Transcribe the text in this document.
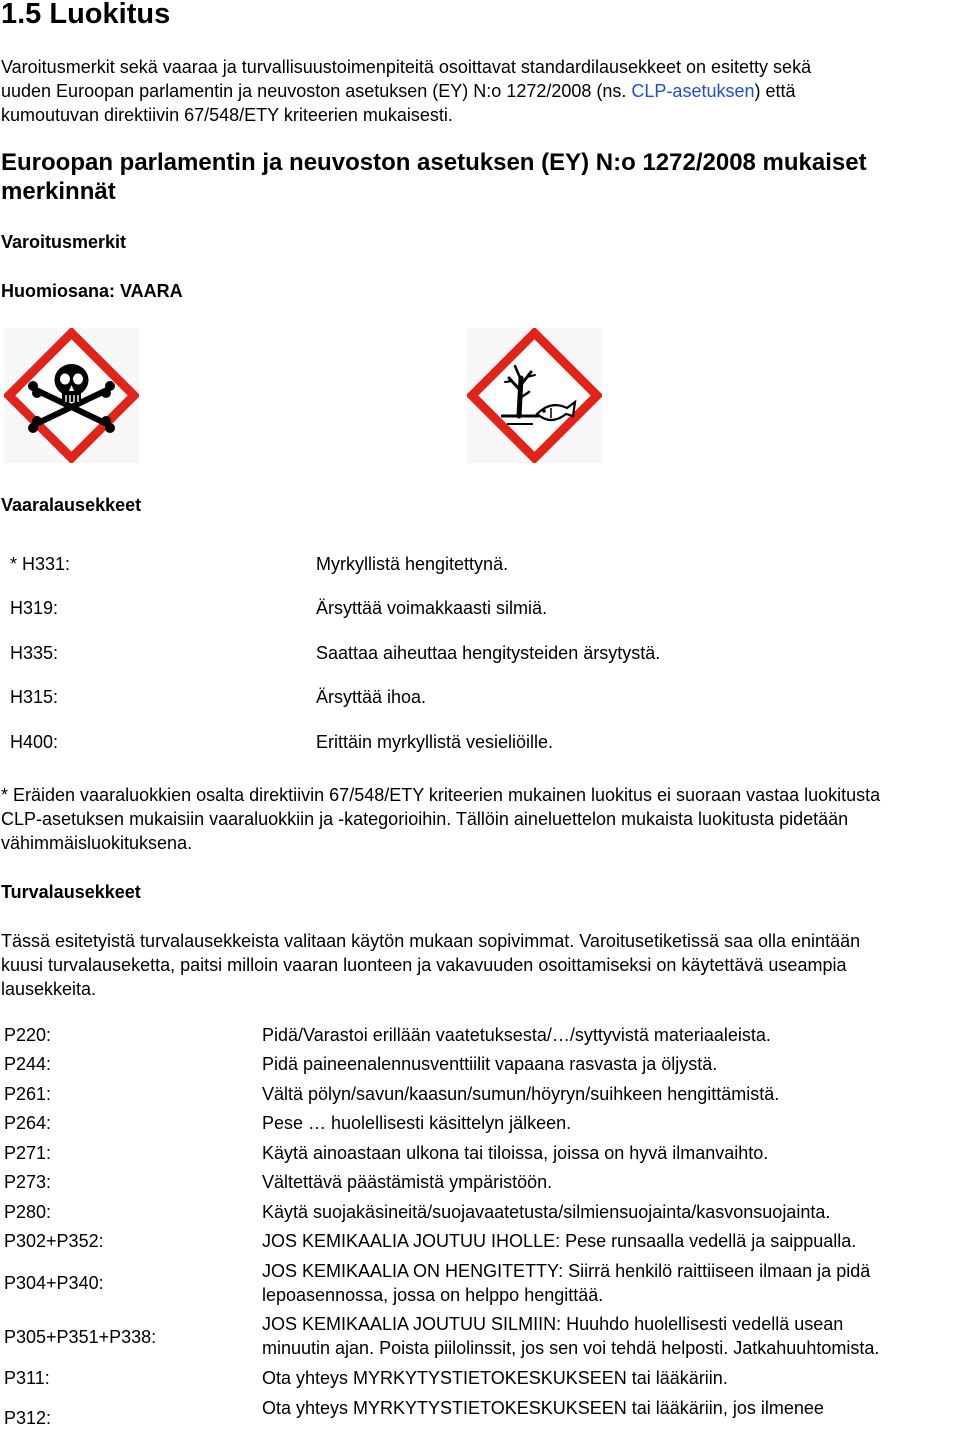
1.5 Luokitus
Varoitusmerkit sekä vaaraa ja turvallisuustoimenpiteitä osoittavat standardilausekkeet on esitetty sekä
uuden Euroopan parlamentin ja neuvoston asetuksen (EY) N:o 1272/2008 (ns. CLP-asetuksen) että
kumoutuvan direktiivin 67/548/ETY kriteerien mukaisesti.
Euroopan parlamentin ja neuvoston asetuksen (EY) N:o 1272/2008 mukaiset
merkinnät
Varoitusmerkit
Huomiosana: VAARA
Vaaralausekkeet
* H331:	Myrkyllistä hengitettynä.
H319:	Ärsyttää voimakkaasti silmiä.
H335:	Saattaa aiheuttaa hengitysteiden ärsytystä.
H315:	Ärsyttää ihoa.
H400:	Erittäin myrkyllistä vesieliöille.
* Eräiden vaaraluokkien osalta direktiivin 67/548/ETY kriteerien mukainen luokitus ei suoraan vastaa luokitusta
CLP-asetuksen mukaisiin vaaraluokkiin ja -kategorioihin. Tällöin aineluettelon mukaista luokitusta pidetään
vähimmäisluokituksena.
Turvalausekkeet
Tässä esitetyistä turvalausekkeista valitaan käytön mukaan sopivimmat. Varoitusetiketissä saa olla enintään
kuusi turvalauseketta, paitsi milloin vaaran luonteen ja vakavuuden osoittamiseksi on käytettävä useampia
lausekkeita.
P220:	Pidä/Varastoi erillään vaatetuksesta/…/syttyvistä materiaaleista.
P244:	Pidä paineenalennusventtiilit vapaana rasvasta ja öljystä.
P261:	Vältä pölyn/savun/kaasun/sumun/höyryn/suihkeen hengittämistä.
P264:	Pese … huolellisesti käsittelyn jälkeen.
P271:	Käytä ainoastaan ulkona tai tiloissa, joissa on hyvä ilmanvaihto.
P273:	Vältettävä päästämistä ympäristöön.
P280:	Käytä suojakäsineitä/suojavaatetusta/silmiensuojainta/kasvonsuojainta.
P302+P352:	JOS KEMIKAALIA JOUTUU IHOLLE: Pese runsaalla vedellä ja saippualla.
P304+P340:
JOS KEMIKAALIA ON HENGITETTY: Siirrä henkilö raittiiseen ilmaan ja pidä
lepoasennossa, jossa on helppo hengittää.
P305+P351+P338:
JOS KEMIKAALIA JOUTUU SILMIIN: Huuhdo huolellisesti vedellä usean
minuutin ajan. Poista piilolinssit, jos sen voi tehdä helposti. Jatkahuuhtomista.
P311:	Ota yhteys MYRKYTYSTIETOKESKUKSEEN tai lääkäriin.
P312:	Ota yhteys MYRKYTYSTIETOKESKUKSEEN tai lääkäriin, jos ilmenee
